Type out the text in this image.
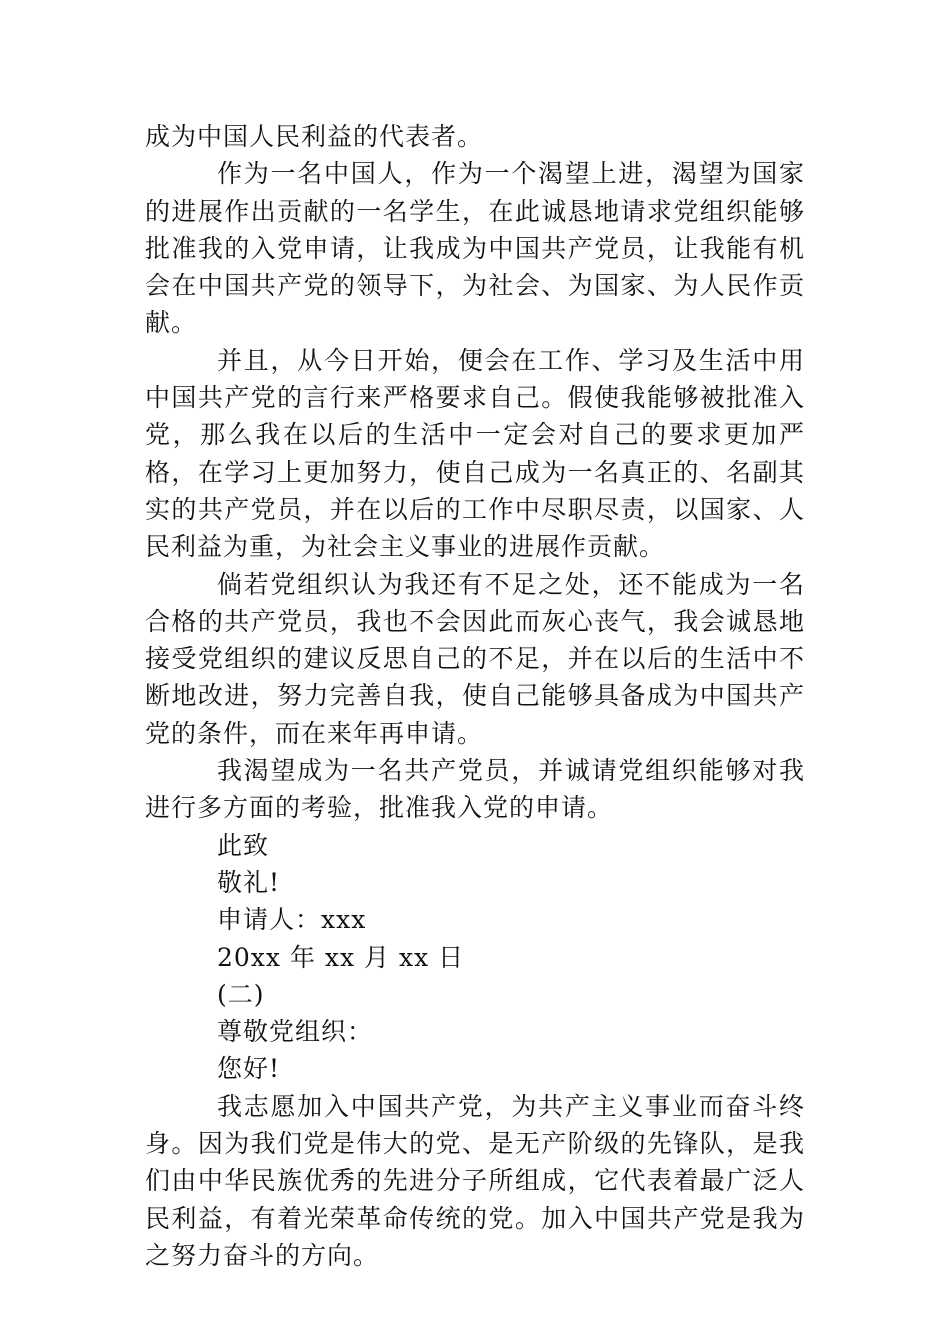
成为中国人民利益的代表者。

作为一名中国人，作为一个渴望上进，渴望为国家的进展作出贡献的一名学生，在此诚恳地请求党组织能够批准我的入党申请，让我成为中国共产党员，让我能有机会在中国共产党的领导下，为社会、为国家、为人民作贡献。

并且，从今日开始，便会在工作、学习及生活中用中国共产党的言行来严格要求自己。假使我能够被批准入党，那么我在以后的生活中一定会对自己的要求更加严格，在学习上更加努力，使自己成为一名真正的、名副其实的共产党员，并在以后的工作中尽职尽责，以国家、人民利益为重，为社会主义事业的进展作贡献。

倘若党组织认为我还有不足之处，还不能成为一名合格的共产党员，我也不会因此而灰心丧气，我会诚恳地接受党组织的建议反思自己的不足，并在以后的生活中不断地改进，努力完善自我，使自己能够具备成为中国共产党的条件，而在来年再申请。

我渴望成为一名共产党员，并诚请党组织能够对我进行多方面的考验，批准我入党的申请。

此致

敬礼!

申请人：xxx

20xx 年 xx 月 xx 日

(二)

尊敬党组织：

您好!

我志愿加入中国共产党，为共产主义事业而奋斗终身。因为我们党是伟大的党、是无产阶级的先锋队，是我们由中华民族优秀的先进分子所组成，它代表着最广泛人民利益，有着光荣革命传统的党。加入中国共产党是我为之努力奋斗的方向。
